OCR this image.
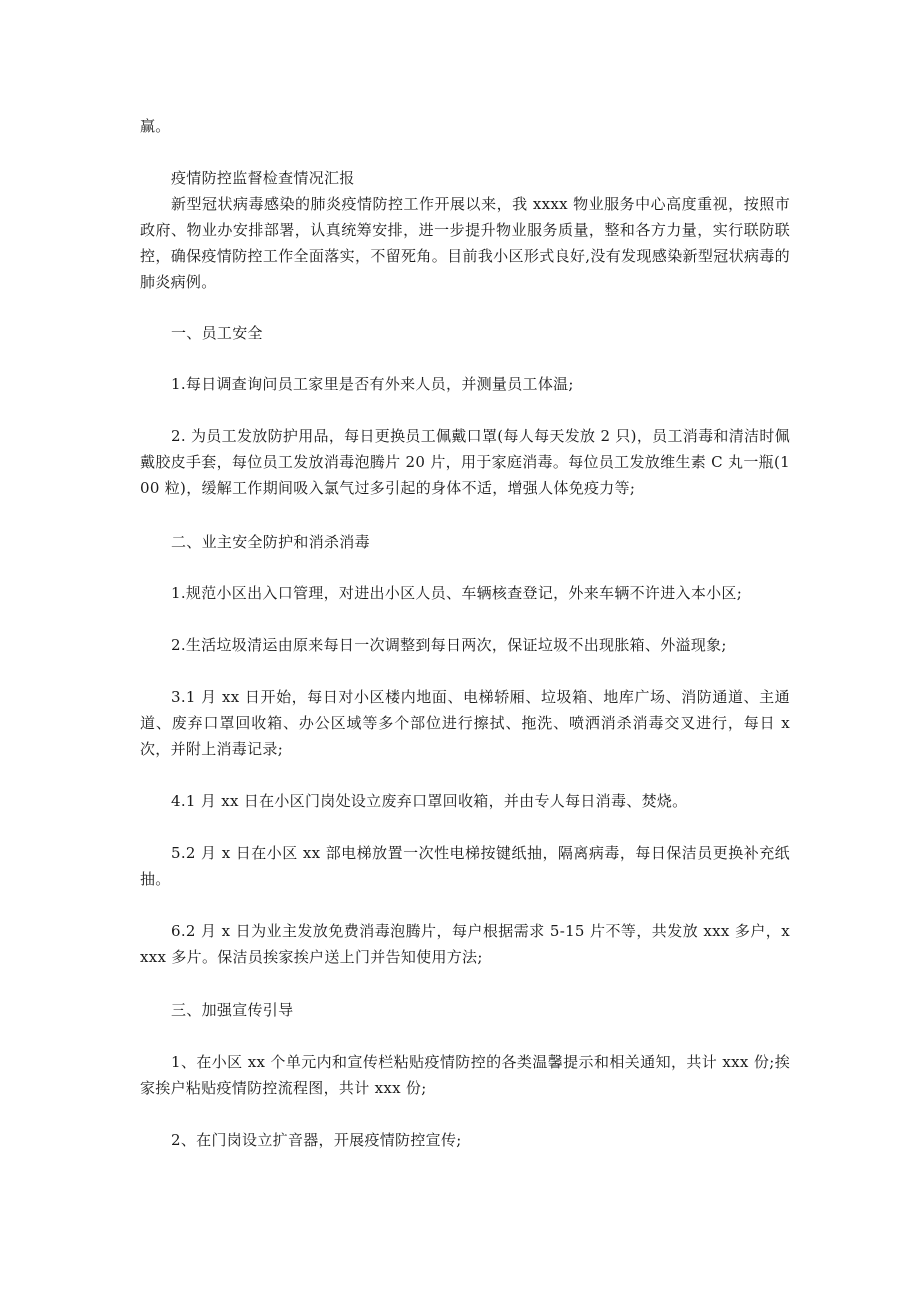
赢。
疫情防控监督检查情况汇报
新型冠状病毒感染的肺炎疫情防控工作开展以来，我 xxxx 物业服务中心高度重视，按照市政府、物业办安排部署，认真统筹安排，进一步提升物业服务质量，整和各方力量，实行联防联控，确保疫情防控工作全面落实，不留死角。目前我小区形式良好,没有发现感染新型冠状病毒的肺炎病例。
一、员工安全
1.每日调查询问员工家里是否有外来人员，并测量员工体温;
2. 为员工发放防护用品，每日更换员工佩戴口罩(每人每天发放 2 只)，员工消毒和清洁时佩戴胶皮手套，每位员工发放消毒泡腾片 20 片，用于家庭消毒。每位员工发放维生素 C 丸一瓶(100 粒)，缓解工作期间吸入氯气过多引起的身体不适，增强人体免疫力等;
二、业主安全防护和消杀消毒
1.规范小区出入口管理，对进出小区人员、车辆核查登记，外来车辆不许进入本小区;
2.生活垃圾清运由原来每日一次调整到每日两次，保证垃圾不出现胀箱、外溢现象;
3.1 月 xx 日开始，每日对小区楼内地面、电梯轿厢、垃圾箱、地库广场、消防通道、主通道、废弃口罩回收箱、办公区域等多个部位进行擦拭、拖洗、喷洒消杀消毒交叉进行，每日 x 次，并附上消毒记录;
4.1 月 xx 日在小区门岗处设立废弃口罩回收箱，并由专人每日消毒、焚烧。
5.2 月 x 日在小区 xx 部电梯放置一次性电梯按键纸抽，隔离病毒，每日保洁员更换补充纸抽。
6.2 月 x 日为业主发放免费消毒泡腾片，每户根据需求 5-15 片不等，共发放 xxx 多户，xxxx 多片。保洁员挨家挨户送上门并告知使用方法;
三、加强宣传引导
1、在小区 xx 个单元内和宣传栏粘贴疫情防控的各类温馨提示和相关通知，共计 xxx 份;挨家挨户粘贴疫情防控流程图，共计 xxx 份;
2、在门岗设立扩音器，开展疫情防控宣传;
